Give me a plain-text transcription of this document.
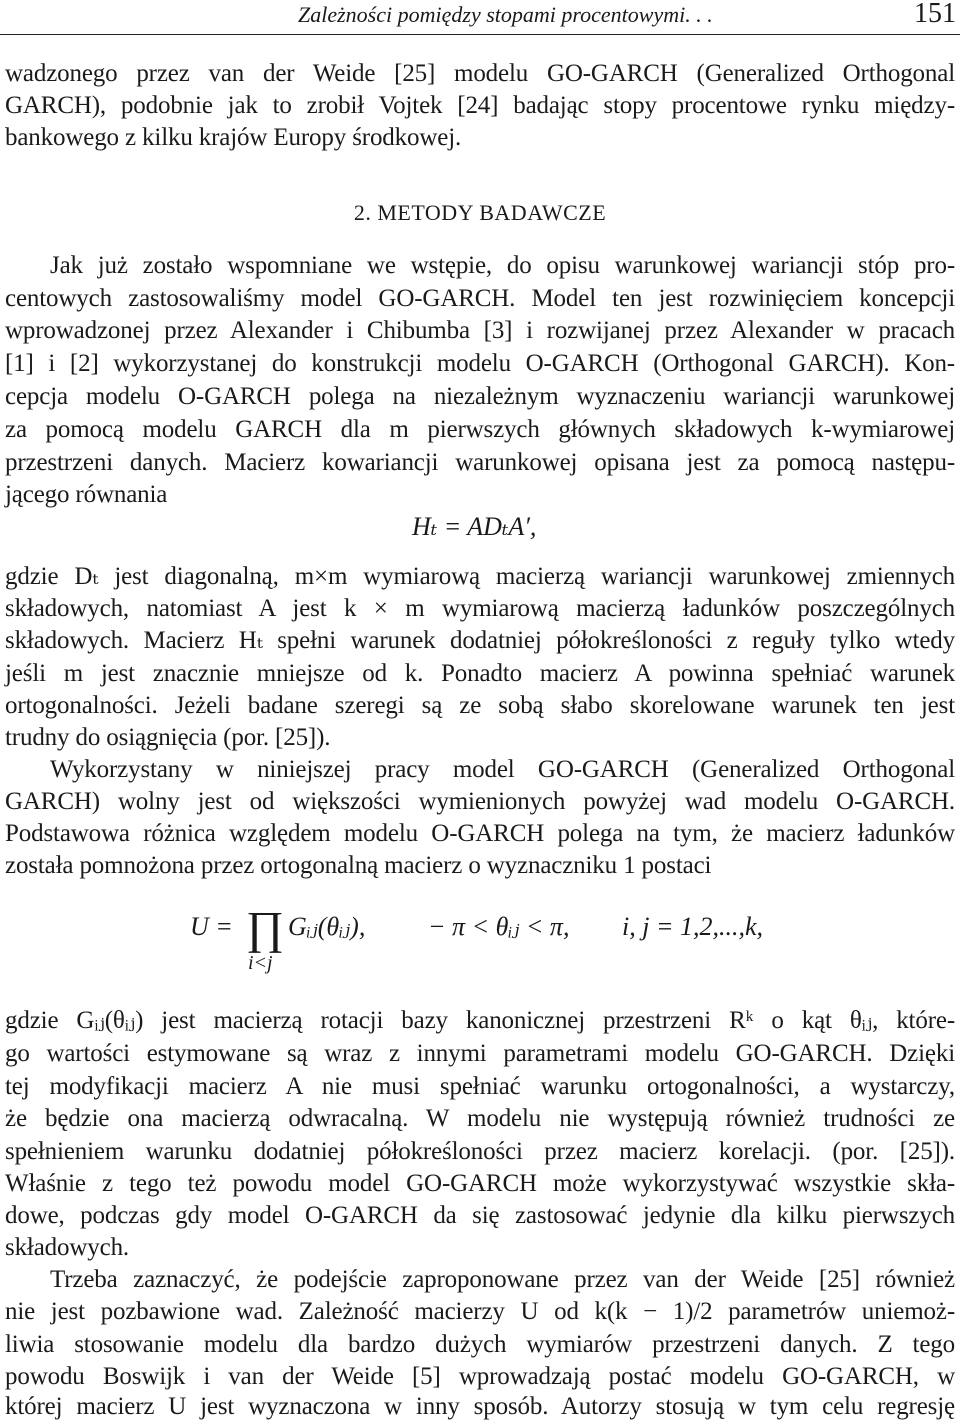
Zależności pomiędzy stopami procentowymi. . .	151
wadzonego przez van der Weide [25] modelu GO-GARCH (Generalized Orthogonal
GARCH), podobnie jak to zrobił Vojtek [24] badając stopy procentowe rynku między-
bankowego z kilku krajów Europy środkowej.
2. METODY BADAWCZE
Jak już zostało wspomniane we wstępie, do opisu warunkowej wariancji stóp pro-
centowych zastosowaliśmy model GO-GARCH. Model ten jest rozwinięciem koncepcji
wprowadzonej przez Alexander i Chibumba [3] i rozwijanej przez Alexander w pracach
[1] i [2] wykorzystanej do konstrukcji modelu O-GARCH (Orthogonal GARCH). Kon-
cepcja modelu O-GARCH polega na niezależnym wyznaczeniu wariancji warunkowej
za pomocą modelu GARCH dla m pierwszych głównych składowych k-wymiarowej
przestrzeni danych. Macierz kowariancji warunkowej opisana jest za pomocą następu-
jącego równania
Hₜ = ADₜA′,
gdzie Dₜ jest diagonalną, m×m wymiarową macierzą wariancji warunkowej zmiennych
składowych, natomiast A jest k × m wymiarową macierzą ładunków poszczególnych
składowych. Macierz Hₜ spełni warunek dodatniej półokreśloności z reguły tylko wtedy
jeśli m jest znacznie mniejsze od k. Ponadto macierz A powinna spełniać warunek
ortogonalności. Jeżeli badane szeregi są ze sobą słabo skorelowane warunek ten jest
trudny do osiągnięcia (por. [25]).
Wykorzystany w niniejszej pracy model GO-GARCH (Generalized Orthogonal
GARCH) wolny jest od większości wymienionych powyżej wad modelu O-GARCH.
Podstawowa różnica względem modelu O-GARCH polega na tym, że macierz ładunków
została pomnożona przez ortogonalną macierz o wyznaczniku 1 postaci
U = ∏
i<j
Gᵢⱼ(θᵢⱼ), − π < θᵢⱼ < π, i, j = 1,2,...,k,
gdzie Gᵢⱼ(θᵢⱼ) jest macierzą rotacji bazy kanonicznej przestrzeni Rᵏ o kąt θᵢⱼ, które-
go wartości estymowane są wraz z innymi parametrami modelu GO-GARCH. Dzięki
tej modyfikacji macierz A nie musi spełniać warunku ortogonalności, a wystarczy,
że będzie ona macierzą odwracalną. W modelu nie występują również trudności ze
spełnieniem warunku dodatniej półokreśloności przez macierz korelacji. (por. [25]).
Właśnie z tego też powodu model GO-GARCH może wykorzystywać wszystkie skła-
dowe, podczas gdy model O-GARCH da się zastosować jedynie dla kilku pierwszych
składowych.
Trzeba zaznaczyć, że podejście zaproponowane przez van der Weide [25] również
nie jest pozbawione wad. Zależność macierzy U od k(k − 1)/2 parametrów uniemoż-
liwia stosowanie modelu dla bardzo dużych wymiarów przestrzeni danych. Z tego
powodu Boswijk i van der Weide [5] wprowadzają postać modelu GO-GARCH, w
której macierz U jest wyznaczona w inny sposób. Autorzy stosują w tym celu regresję
